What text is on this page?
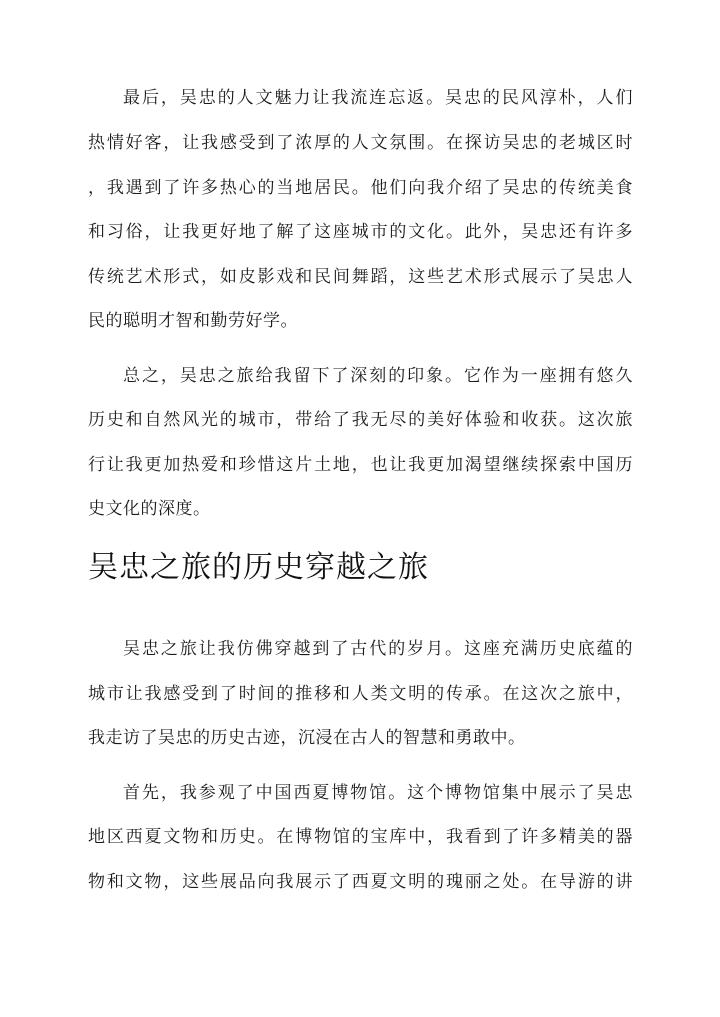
最后，吴忠的人文魅力让我流连忘返。吴忠的民风淳朴，人们
热情好客，让我感受到了浓厚的人文氛围。在探访吴忠的老城区时
，我遇到了许多热心的当地居民。他们向我介绍了吴忠的传统美食
和习俗，让我更好地了解了这座城市的文化。此外，吴忠还有许多
传统艺术形式，如皮影戏和民间舞蹈，这些艺术形式展示了吴忠人
民的聪明才智和勤劳好学。
总之，吴忠之旅给我留下了深刻的印象。它作为一座拥有悠久
历史和自然风光的城市，带给了我无尽的美好体验和收获。这次旅
行让我更加热爱和珍惜这片土地，也让我更加渴望继续探索中国历
史文化的深度。
吴忠之旅的历史穿越之旅
吴忠之旅让我仿佛穿越到了古代的岁月。这座充满历史底蕴的
城市让我感受到了时间的推移和人类文明的传承。在这次之旅中，
我走访了吴忠的历史古迹，沉浸在古人的智慧和勇敢中。
首先，我参观了中国西夏博物馆。这个博物馆集中展示了吴忠
地区西夏文物和历史。在博物馆的宝库中，我看到了许多精美的器
物和文物，这些展品向我展示了西夏文明的瑰丽之处。在导游的讲
